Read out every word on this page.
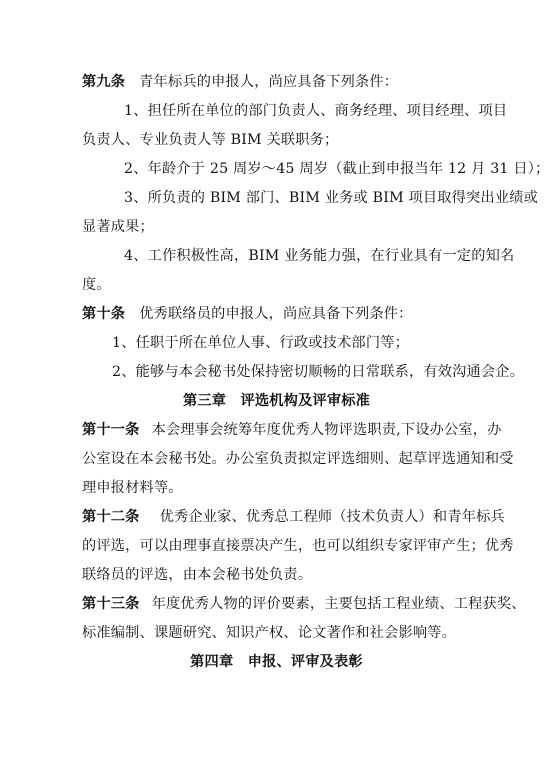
第九条 青年标兵的申报人，尚应具备下列条件：
1、担任所在单位的部门负责人、商务经理、项目经理、项目
负责人、专业负责人等 BIM 关联职务；
2、年龄介于 25 周岁～45 周岁（截止到申报当年 12 月 31 日）；
3、所负责的 BIM 部门、BIM 业务或 BIM 项目取得突出业绩或
显著成果；
4、工作积极性高，BIM 业务能力强，在行业具有一定的知名
度。
第十条 优秀联络员的申报人，尚应具备下列条件：
1、任职于所在单位人事、行政或技术部门等；
2、能够与本会秘书处保持密切顺畅的日常联系，有效沟通会企。
第三章　评选机构及评审标准
第十一条 本会理事会统筹年度优秀人物评选职责,下设办公室，办
公室设在本会秘书处。办公室负责拟定评选细则、起草评选通知和受
理申报材料等。
第十二条 优秀企业家、优秀总工程师（技术负责人）和青年标兵
的评选，可以由理事直接票决产生，也可以组织专家评审产生；优秀
联络员的评选，由本会秘书处负责。
第十三条 年度优秀人物的评价要素，主要包括工程业绩、工程获奖、
标准编制、课题研究、知识产权、论文著作和社会影响等。
第四章　申报、评审及表彰
